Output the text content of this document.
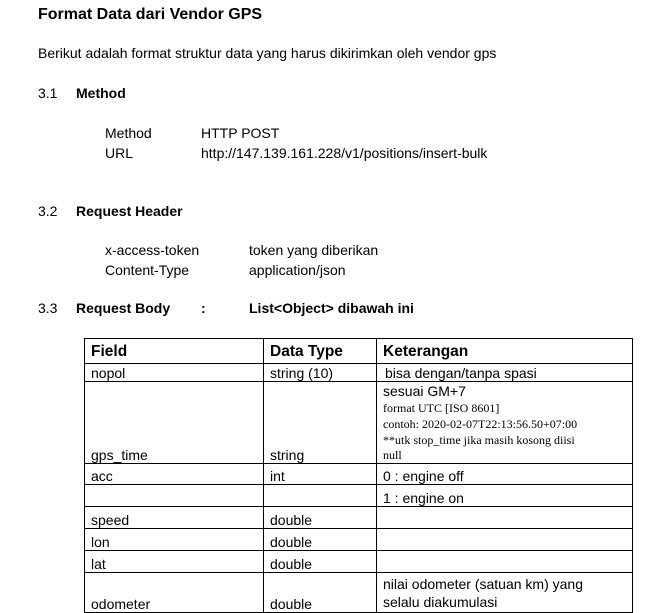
Format Data dari Vendor GPS
Berikut adalah format struktur data yang harus dikirimkan oleh vendor gps
3.1 Method
Method	HTTP POST
URL	http://147.139.161.228/v1/positions/insert-bulk
3.2 Request Header
x-access-token	token yang diberikan
Content-Type	application/json
3.3 Request Body :	List<Object> dibawah ini
Field	Data Type	Keterangan
nopol	string (10)	bisa dengan/tanpa spasi
gps_time	string	sesuai GM+7
format UTC [ISO 8601]
contoh: 2020-02-07T22:13:56.50+07:00
**utk stop_time jika masih kosong diisi
null

acc	int	0 : engine off
		1 : engine on
speed	double	
lon	double	
lat	double	
odometer	double	nilai odometer (satuan km) yang
selalu diakumulasi
